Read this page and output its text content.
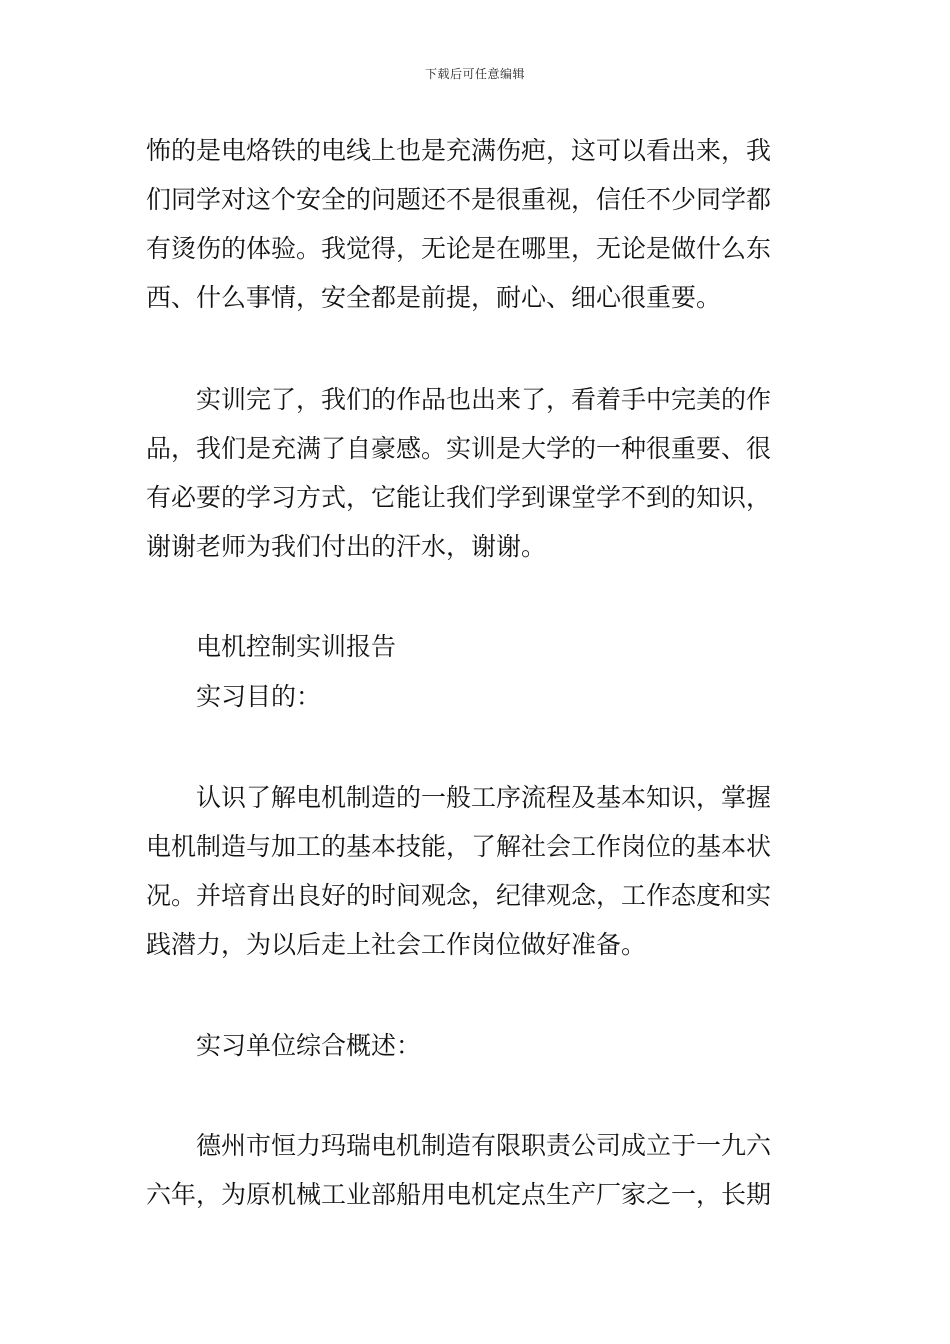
下载后可任意编辑
怖的是电烙铁的电线上也是充满伤疤，这可以看出来，我
们同学对这个安全的问题还不是很重视，信任不少同学都
有烫伤的体验。我觉得，无论是在哪里，无论是做什么东
西、什么事情，安全都是前提，耐心、细心很重要。
实训完了，我们的作品也出来了，看着手中完美的作
品，我们是充满了自豪感。实训是大学的一种很重要、很
有必要的学习方式，它能让我们学到课堂学不到的知识，
谢谢老师为我们付出的汗水，谢谢。
电机控制实训报告
实习目的：
认识了解电机制造的一般工序流程及基本知识，掌握
电机制造与加工的基本技能，了解社会工作岗位的基本状
况。并培育出良好的时间观念，纪律观念，工作态度和实
践潜力，为以后走上社会工作岗位做好准备。
实习单位综合概述：
德州市恒力玛瑞电机制造有限职责公司成立于一九六
六年，为原机械工业部船用电机定点生产厂家之一，长期
